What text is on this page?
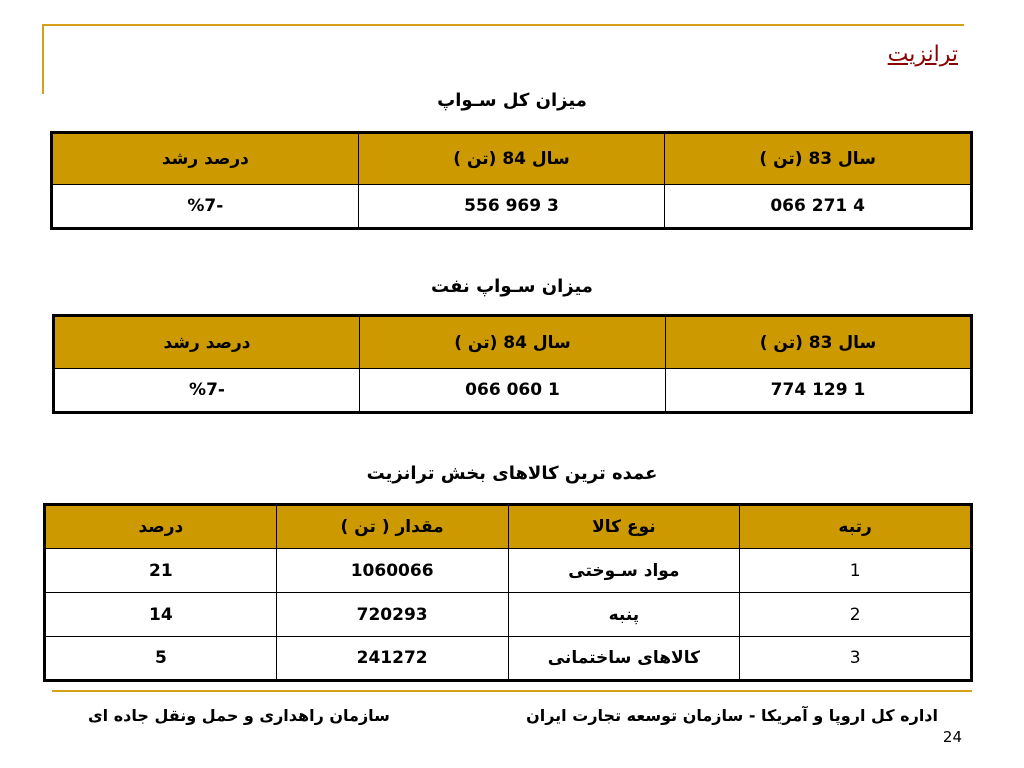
ترانزیت
میزان کل سـواپ
سال 83 (تن )	سال 84 (تن )	درصد رشد
4 271 066	3 969 556	-%7
میزان سـواپ نفت
سال 83 (تن )	سال 84 (تن )	درصد رشد
1 129 774	1 060 066	-%7
عمده ترین کالاهای بخش ترانزیت
رتبه	نوع کالا	مقدار ( تن )	درصد
1	مواد سـوختی	1060066	21
2	پنبه	720293	14
3	کالاهای ساختمانی	241272	5
اداره کل اروپا و آمریکا - سازمان توسعه تجارت ایران
سازمان راهداری و حمل ونقل جاده ای
24
